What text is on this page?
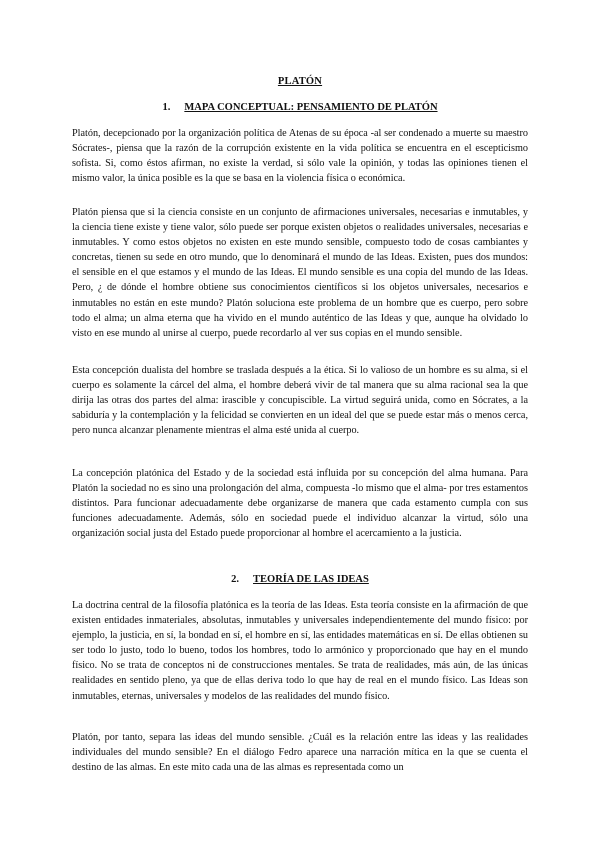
PLATÓN
1. MAPA CONCEPTUAL: PENSAMIENTO DE PLATÓN

Platón, decepcionado por la organización política de Atenas de su época -al ser condenado a muerte su maestro Sócrates-, piensa que la razón de la corrupción existente en la vida política se encuentra en el escepticismo sofista. Si, como éstos afirman, no existe la verdad, si sólo vale la opinión, y todas las opiniones tienen el mismo valor, la única posible es la que se basa en la violencia física o económica.

Platón piensa que si la ciencia consiste en un conjunto de afirmaciones universales, necesarias e inmutables, y la ciencia tiene existe y tiene valor, sólo puede ser porque existen objetos o realidades universales, necesarias e inmutables. Y como estos objetos no existen en este mundo sensible, compuesto todo de cosas cambiantes y concretas, tienen su sede en otro mundo, que lo denominará el mundo de las Ideas. Existen, pues dos mundos: el sensible en el que estamos y el mundo de las Ideas. El mundo sensible es una copia del mundo de las Ideas. Pero, ¿ de dónde el hombre obtiene sus conocimientos científicos si los objetos universales, necesarios e inmutables no están en este mundo? Platón soluciona este problema de un hombre que es cuerpo, pero sobre todo el alma; un alma eterna que ha vivido en el mundo auténtico de las Ideas y que, aunque ha olvidado lo visto en ese mundo al unirse al cuerpo, puede recordarlo al ver sus copias en el mundo sensible.

Esta concepción dualista del hombre se traslada después a la ética. Si lo valioso de un hombre es su alma, si el cuerpo es solamente la cárcel del alma, el hombre deberá vivir de tal manera que su alma racional sea la que dirija las otras dos partes del alma: irascible y concupiscible. La virtud seguirá unida, como en Sócrates, a la sabiduría y la contemplación y la felicidad se convierten en un ideal del que se puede estar más o menos cerca, pero nunca alcanzar plenamente mientras el alma esté unida al cuerpo.

La concepción platónica del Estado y de la sociedad está influida por su concepción del alma humana. Para Platón la sociedad no es sino una prolongación del alma, compuesta -lo mismo que el alma- por tres estamentos distintos. Para funcionar adecuadamente debe organizarse de manera que cada estamento cumpla con sus funciones adecuadamente. Además, sólo en sociedad puede el individuo alcanzar la virtud, sólo una organización social justa del Estado puede proporcionar al hombre el acercamiento a la justicia.

2. TEORÍA DE LAS IDEAS

La doctrina central de la filosofía platónica es la teoría de las Ideas. Esta teoría consiste en la afirmación de que existen entidades inmateriales, absolutas, inmutables y universales independientemente del mundo físico: por ejemplo, la justicia, en sí, la bondad en sí, el hombre en sí, las entidades matemáticas en sí. De ellas obtienen su ser todo lo justo, todo lo bueno, todos los hombres, todo lo armónico y proporcionado que hay en el mundo físico. No se trata de conceptos ni de construcciones mentales. Se trata de realidades, más aún, de las únicas realidades en sentido pleno, ya que de ellas deriva todo lo que hay de real en el mundo físico. Las Ideas son inmutables, eternas, universales y modelos de las realidades del mundo físico.

Platón, por tanto, separa las ideas del mundo sensible. ¿Cuál es la relación entre las ideas y las realidades individuales del mundo sensible? En el diálogo Fedro aparece una narración mítica en la que se cuenta el destino de las almas. En este mito cada una de las almas es representada como un
